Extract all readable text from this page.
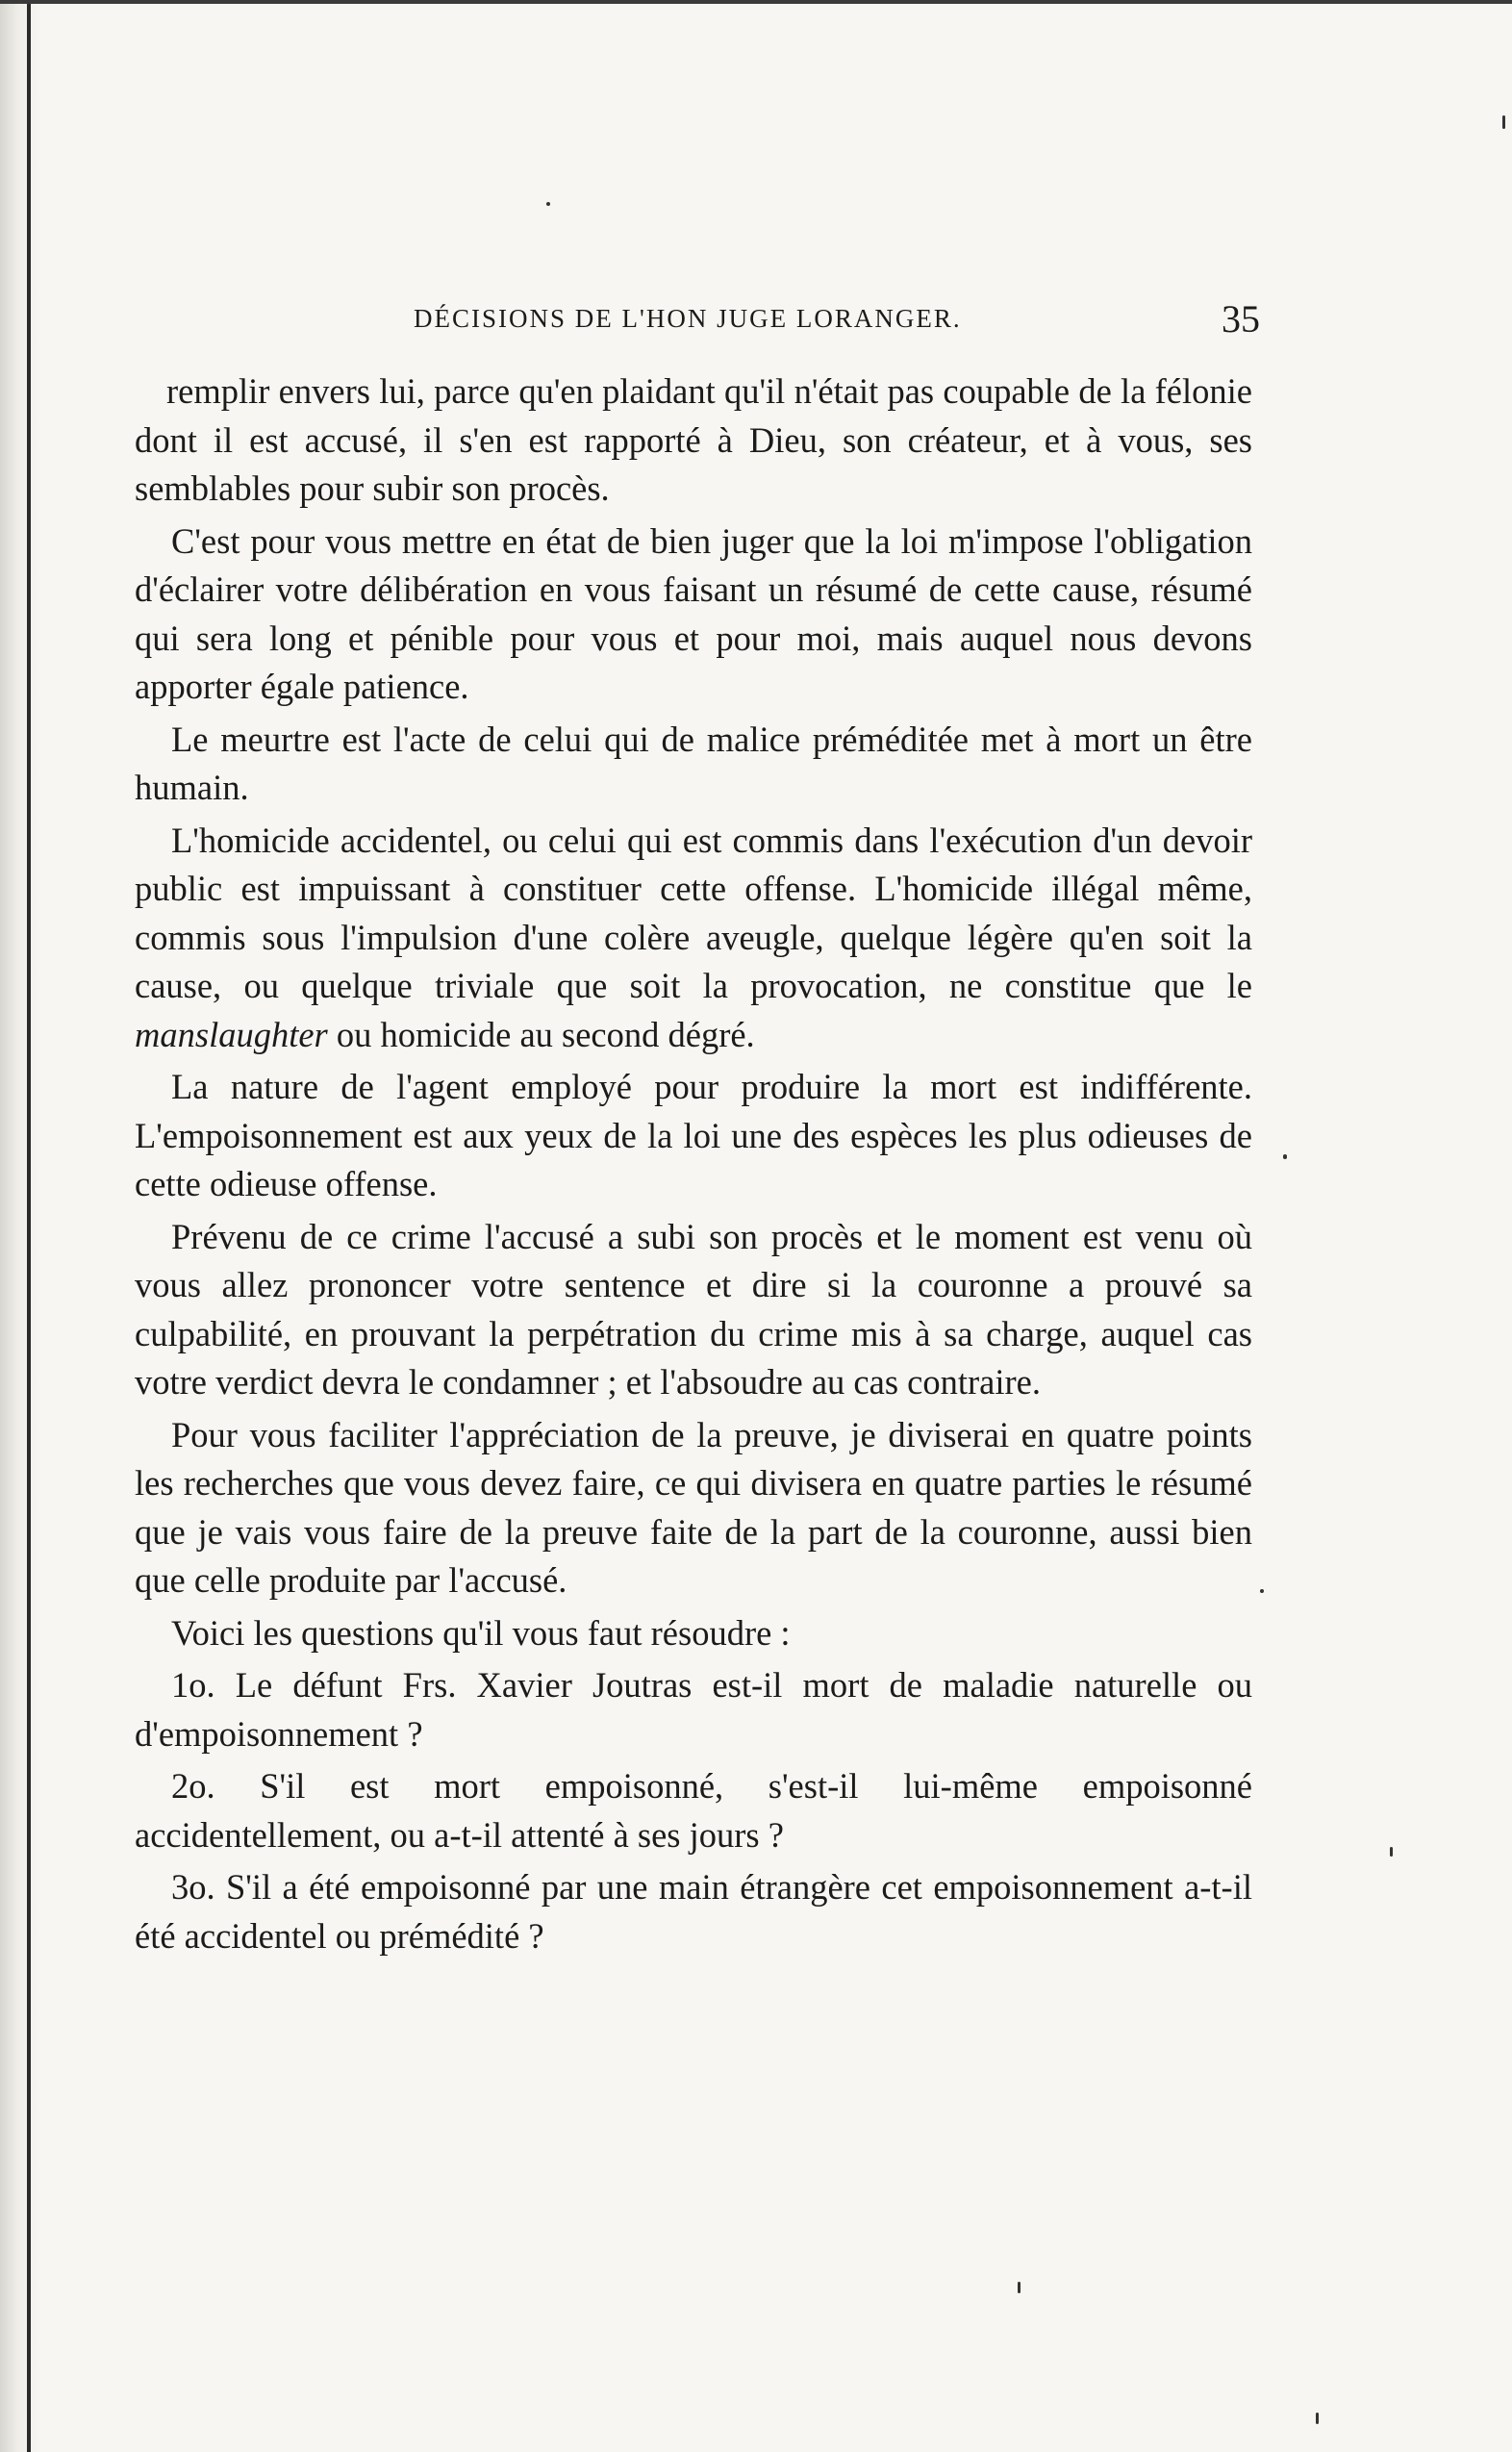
DÉCISIONS DE L'HON JUGE LORANGER.	35

remplir envers lui, parce qu'en plaidant qu'il n'était pas coupable de la félonie dont il est accusé, il s'en est rapporté à Dieu, son créateur, et à vous, ses semblables pour subir son procès.

C'est pour vous mettre en état de bien juger que la loi m'impose l'obligation d'éclairer votre délibération en vous faisant un résumé de cette cause, résumé qui sera long et pénible pour vous et pour moi, mais auquel nous devons apporter égale patience.

Le meurtre est l'acte de celui qui de malice préméditée met à mort un être humain.

L'homicide accidentel, ou celui qui est commis dans l'exécution d'un devoir public est impuissant à constituer cette offense. L'homicide illégal même, commis sous l'impulsion d'une colère aveugle, quelque légère qu'en soit la cause, ou quelque triviale que soit la provocation, ne constitue que le manslaughter ou homicide au second dégré.

La nature de l'agent employé pour produire la mort est indifférente. L'empoisonnement est aux yeux de la loi une des espèces les plus odieuses de cette odieuse offense.

Prévenu de ce crime l'accusé a subi son procès et le moment est venu où vous allez prononcer votre sentence et dire si la couronne a prouvé sa culpabilité, en prouvant la perpétration du crime mis à sa charge, auquel cas votre verdict devra le condamner ; et l'absoudre au cas contraire.

Pour vous faciliter l'appréciation de la preuve, je diviserai en quatre points les recherches que vous devez faire, ce qui divisera en quatre parties le résumé que je vais vous faire de la preuve faite de la part de la couronne, aussi bien que celle produite par l'accusé.

Voici les questions qu'il vous faut résoudre :

1o. Le défunt Frs. Xavier Joutras est-il mort de maladie naturelle ou d'empoisonnement ?

2o. S'il est mort empoisonné, s'est-il lui-même empoisonné accidentellement, ou a-t-il attenté à ses jours ?

3o. S'il a été empoisonné par une main étrangère cet empoisonnement a-t-il été accidentel ou prémédité ?
